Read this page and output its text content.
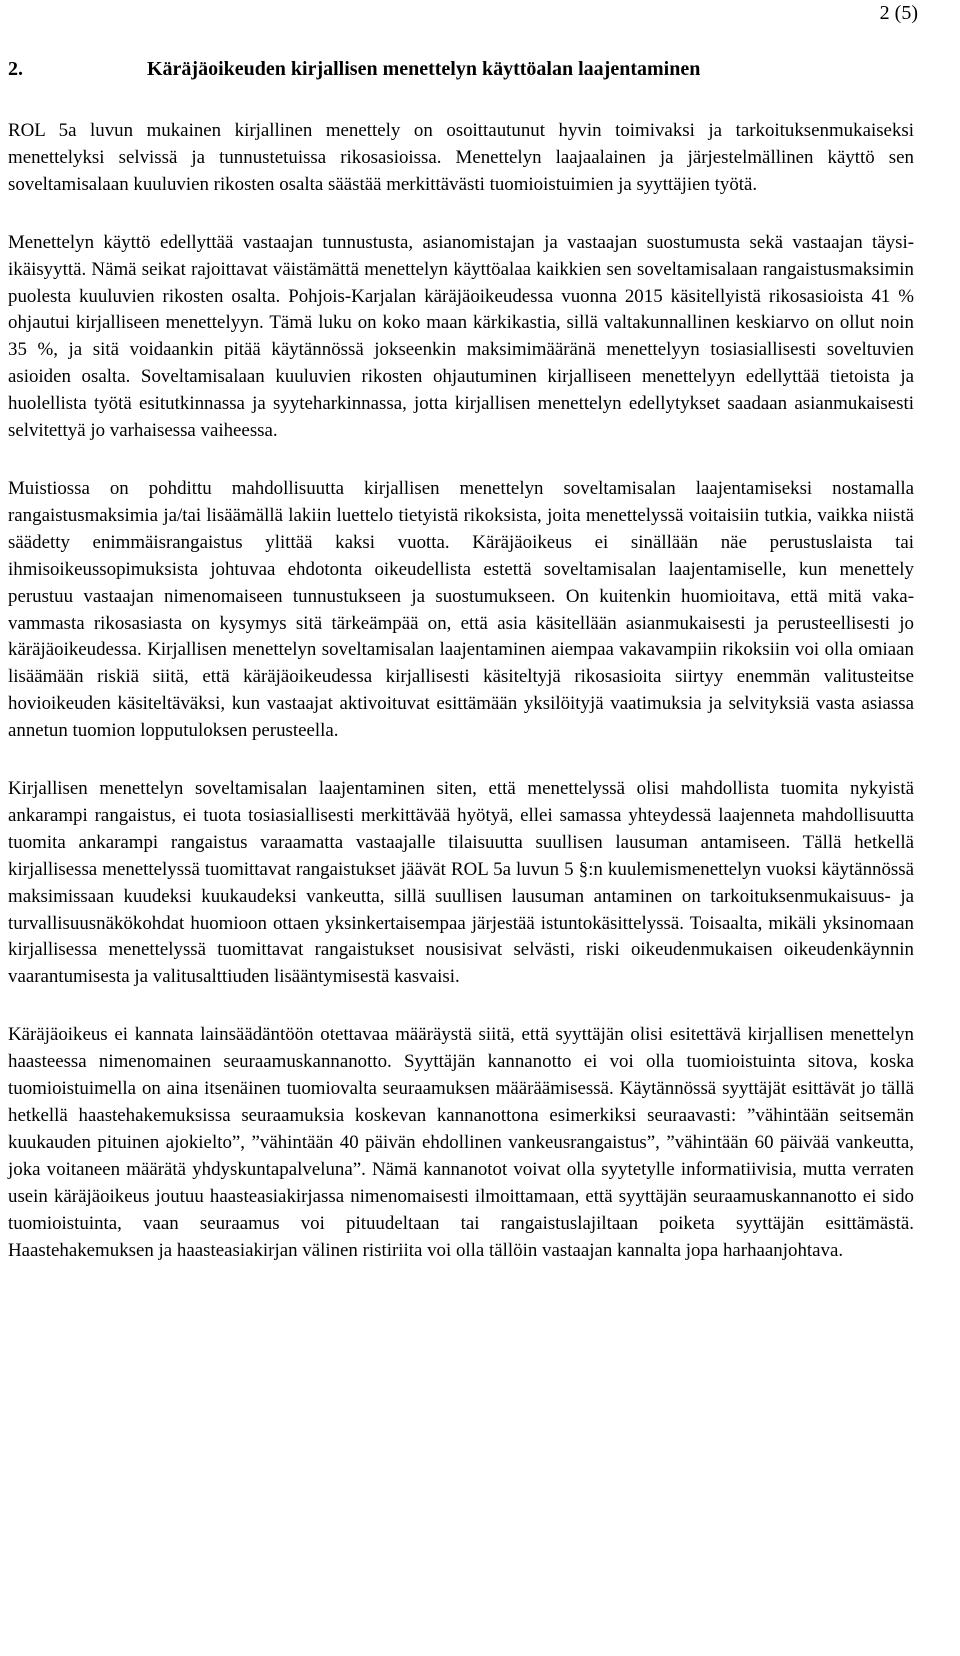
2 (5)
2.	Käräjäoikeuden kirjallisen menettelyn käyttöalan laajentaminen

ROL 5a luvun mukainen kirjallinen menettely on osoittautunut hyvin toimivaksi ja tarkoituksenmukaiseksi menettelyksi selvissä ja tunnustetuissa rikosasioissa. Menettelyn laajaalainen ja järjestelmällinen käyttö sen soveltamisalaan kuuluvien rikosten osalta säästää merkittävästi tuomioistuimien ja syyttäjien työtä.

Menettelyn käyttö edellyttää vastaajan tunnustusta, asianomistajan ja vastaajan suostumusta sekä vastaajan täysi-ikäisyyttä. Nämä seikat rajoittavat väistämättä menettelyn käyttöalaa kaikkien sen soveltamisalaan rangaistusmaksimin puolesta kuuluvien rikosten osalta. Pohjois-Karjalan käräjäoikeudessa vuonna 2015 käsitellyistä rikosasioista 41 % ohjautui kirjalliseen menettelyyn. Tämä luku on koko maan kärkikastia, sillä valtakunnallinen keskiarvo on ollut noin 35 %, ja sitä voidaankin pitää käytännössä jokseenkin maksimimääränä menettelyyn tosiasiallisesti soveltuvien asioiden osalta. Soveltamisalaan kuuluvien rikosten ohjautuminen kirjalliseen menettelyyn edellyttää tietoista ja huolellista työtä esitutkinnassa ja syyteharkinnassa, jotta kirjallisen menettelyn edellytykset saadaan asianmukaisesti selvitettyä jo varhaisessa vaiheessa.

Muistiossa on pohdittu mahdollisuutta kirjallisen menettelyn soveltamisalan laajentamiseksi nostamalla rangaistusmaksimia ja/tai lisäämällä lakiin luettelo tietyistä rikoksista, joita menettelyssä voitaisiin tutkia, vaikka niistä säädetty enimmäisrangaistus ylittää kaksi vuotta. Käräjäoikeus ei sinällään näe perustuslaista tai ihmisoikeussopimuksista johtuvaa ehdotonta oikeudellista estettä soveltamisalan laajentamiselle, kun menettely perustuu vastaajan nimenomaiseen tunnustukseen ja suostumukseen. On kuitenkin huomioitava, että mitä vakavammasta rikosasiasta on kysymys sitä tärkeämpää on, että asia käsitellään asianmukaisesti ja perusteellisesti jo käräjäoikeudessa. Kirjallisen menettelyn soveltamisalan laajentaminen aiempaa vakavampiin rikoksiin voi olla omiaan lisäämään riskiä siitä, että käräjäoikeudessa kirjallisesti käsiteltyjä rikosasioita siirtyy enemmän valitusteitse hovioikeuden käsiteltäväksi, kun vastaajat aktivoituvat esittämään yksilöityjä vaatimuksia ja selvityksiä vasta asiassa annetun tuomion lopputuloksen perusteella.

Kirjallisen menettelyn soveltamisalan laajentaminen siten, että menettelyssä olisi mahdollista tuomita nykyistä ankarampi rangaistus, ei tuota tosiasiallisesti merkittävää hyötyä, ellei samassa yhteydessä laajenneta mahdollisuutta tuomita ankarampi rangaistus varaamatta vastaajalle tilaisuutta suullisen lausuman antamiseen. Tällä hetkellä kirjallisessa menettelyssä tuomittavat rangaistukset jäävät ROL 5a luvun 5 §:n kuulemismenettelyn vuoksi käytännössä maksimissaan kuudeksi kuukaudeksi vankeutta, sillä suullisen lausuman antaminen on tarkoituksenmukaisuus- ja turvallisuusnäkökohdat huomioon ottaen yksinkertaisempaa järjestää istuntokäsittelyssä. Toisaalta, mikäli yksinomaan kirjallisessa menettelyssä tuomittavat rangaistukset nousisivat selvästi, riski oikeudenmukaisen oikeudenkäynnin vaarantumisesta ja valitusalttiuden lisääntymisestä kasvaisi.

Käräjäoikeus ei kannata lainsäädäntöön otettavaa määräystä siitä, että syyttäjän olisi esitettävä kirjallisen menettelyn haasteessa nimenomainen seuraamuskannanotto. Syyttäjän kannanotto ei voi olla tuomioistuinta sitova, koska tuomioistuimella on aina itsenäinen tuomiovalta seuraamuksen määräämisessä. Käytännössä syyttäjät esittävät jo tällä hetkellä haastehakemuksissa seuraamuksia koskevan kannanottona esimerkiksi seuraavasti: ”vähintään seitsemän kuukauden pituinen ajokielto”, ”vähintään 40 päivän ehdollinen vankeusrangaistus”, ”vähintään 60 päivää vankeutta, joka voitaneen määrätä yhdyskuntapalveluna”. Nämä kannanotot voivat olla syytetylle informatiivisia, mutta verraten usein käräjäoikeus joutuu haasteasiakirjassa nimenomaisesti ilmoittamaan, että syyttäjän seuraamuskannanotto ei sido tuomioistuinta, vaan seuraamus voi pituudeltaan tai rangaistuslajiltaan poiketa syyttäjän esittämästä. Haastehakemuksen ja haasteasiakirjan välinen ristiriita voi olla tällöin vastaajan kannalta jopa harhaanjohtava.
